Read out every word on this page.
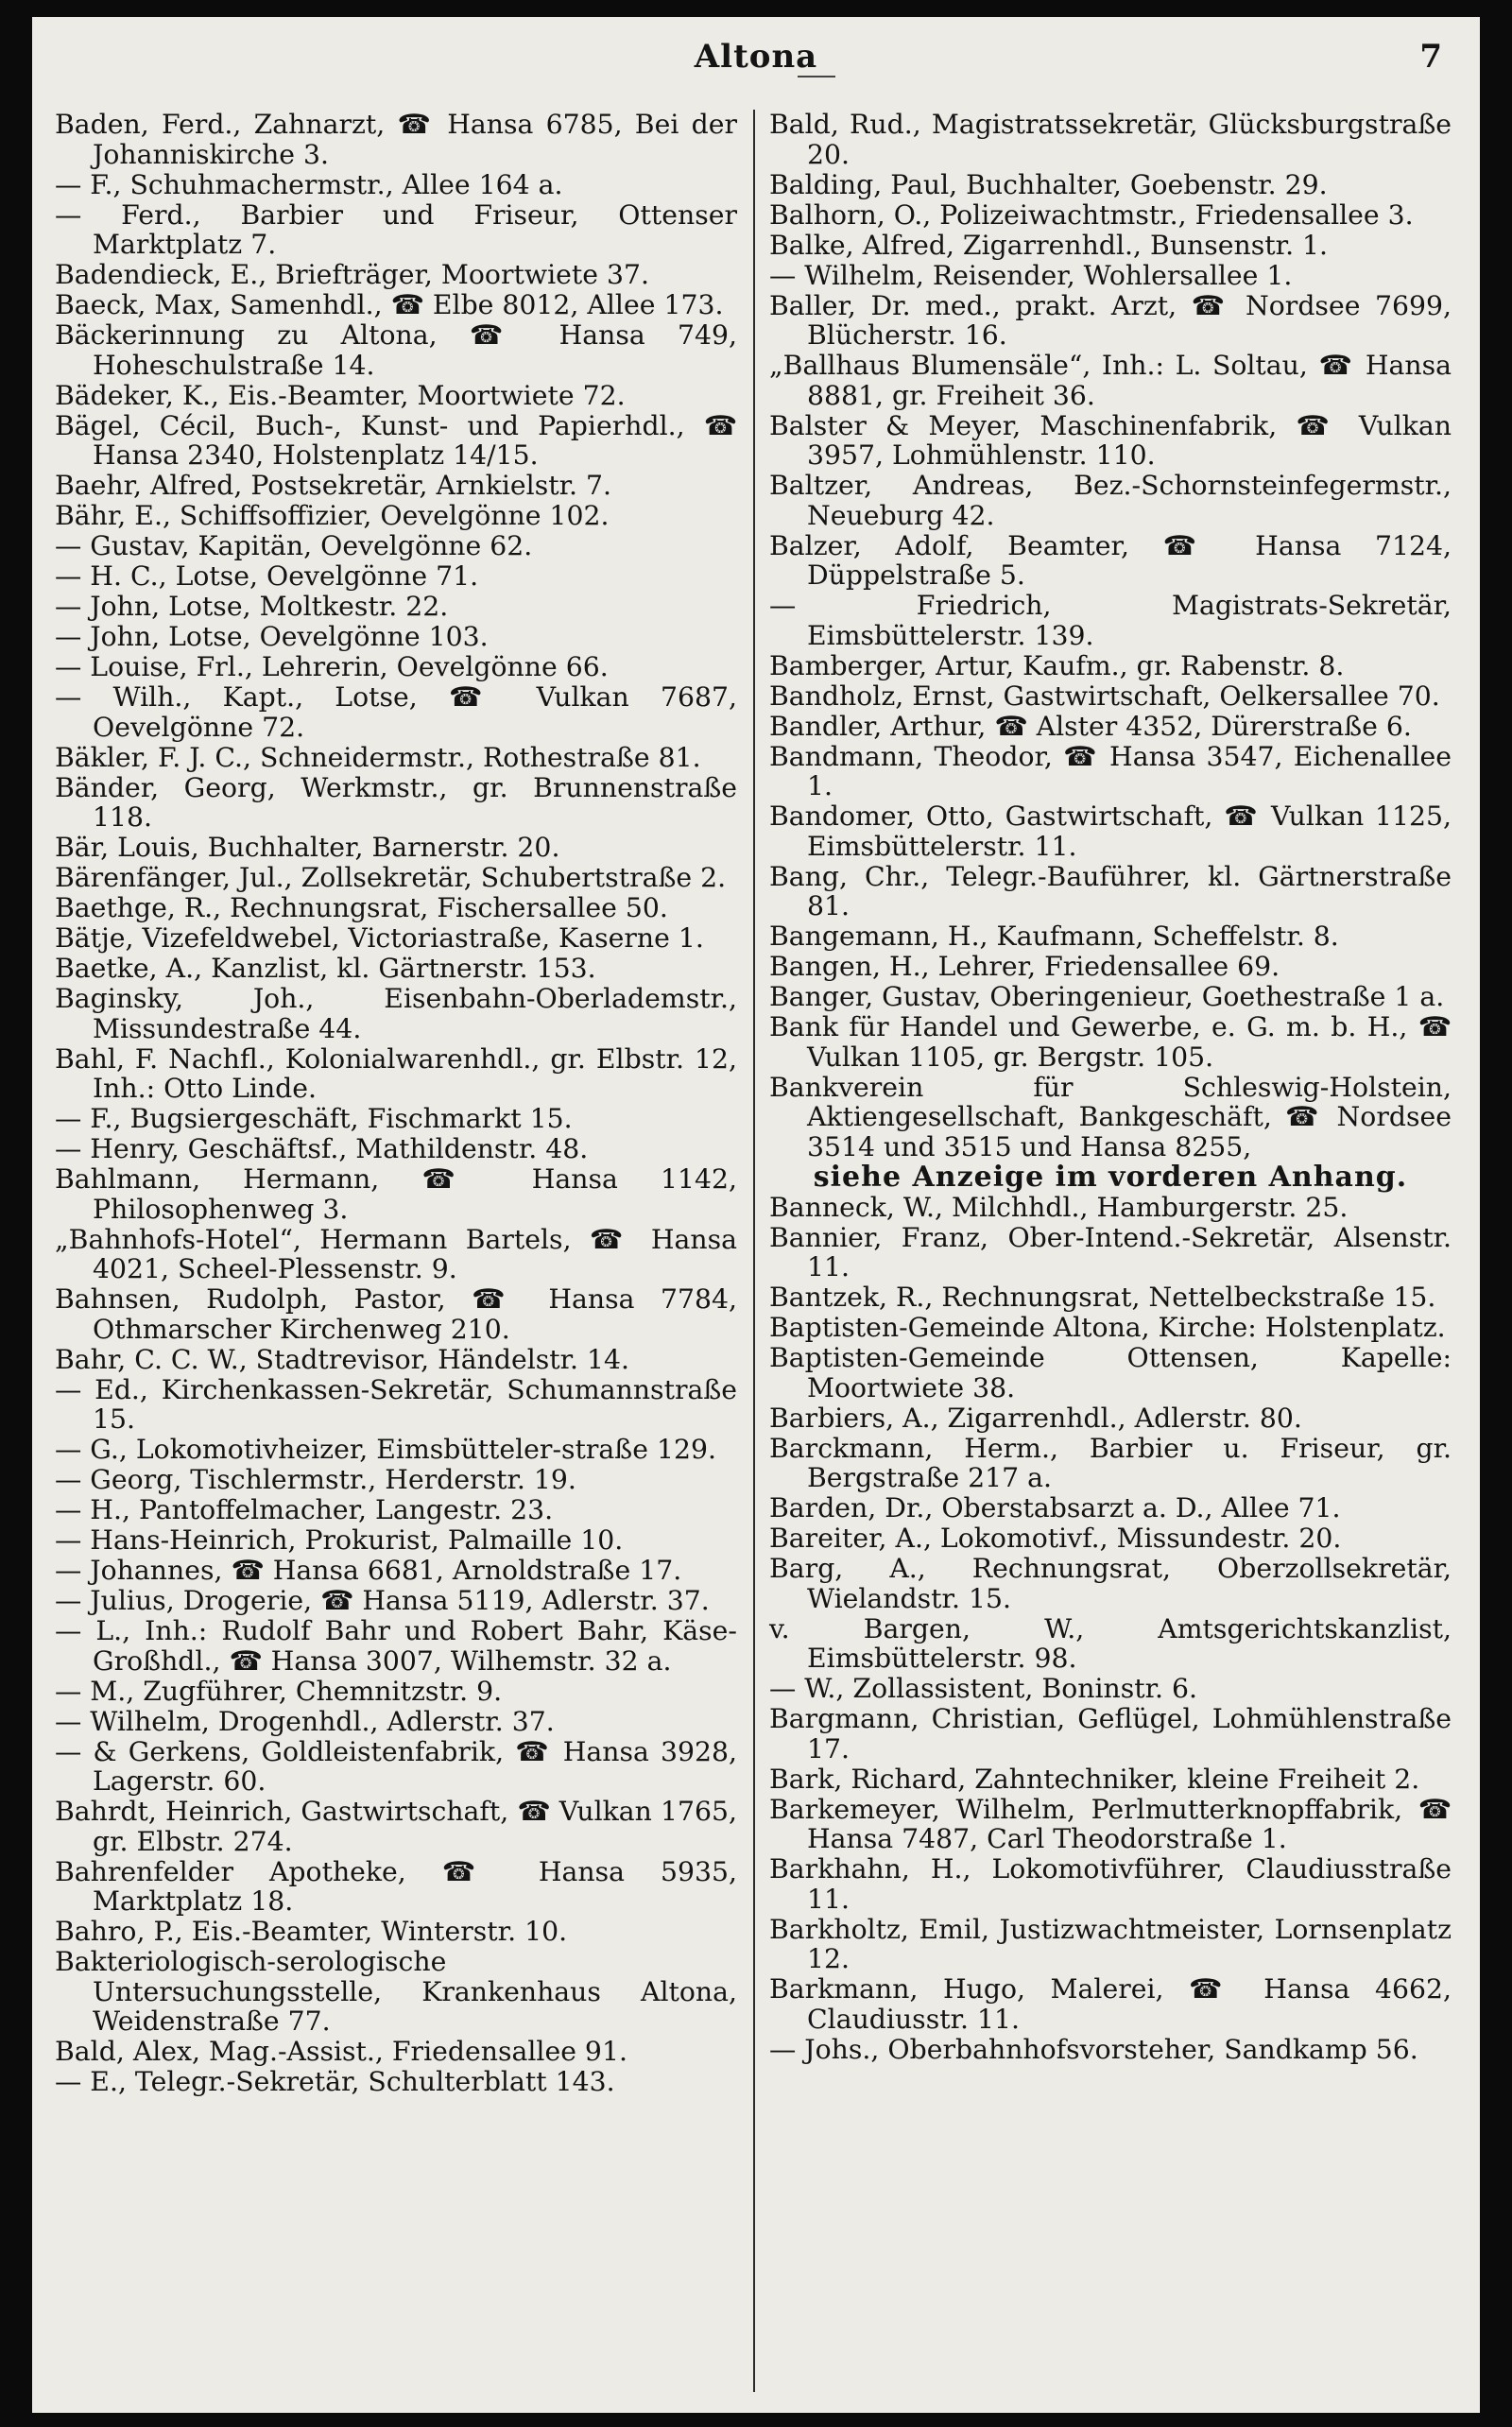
Altona	7

Baden, Ferd., Zahnarzt, ☎ Hansa 6785, Bei der Johanniskirche 3.

— F., Schuhmachermstr., Allee 164 a.

— Ferd., Barbier und Friseur, Ottenser Marktplatz 7.

Badendieck, E., Briefträger, Moortwiete 37.

Baeck, Max, Samenhdl., ☎ Elbe 8012, Allee 173.

Bäckerinnung zu Altona, ☎ Hansa 749, Hoheschulstraße 14.

Bädeker, K., Eis.-Beamter, Moortwiete 72.

Bägel, Cécil, Buch-, Kunst- und Papierhdl., ☎ Hansa 2340, Holstenplatz 14/15.

Baehr, Alfred, Postsekretär, Arnkielstr. 7.

Bähr, E., Schiffsoffizier, Oevelgönne 102.

— Gustav, Kapitän, Oevelgönne 62.

— H. C., Lotse, Oevelgönne 71.

— John, Lotse, Moltkestr. 22.

— John, Lotse, Oevelgönne 103.

— Louise, Frl., Lehrerin, Oevelgönne 66.

— Wilh., Kapt., Lotse, ☎ Vulkan 7687, Oevelgönne 72.

Bäkler, F. J. C., Schneidermstr., Rothestraße 81.

Bänder, Georg, Werkmstr., gr. Brunnenstraße 118.

Bär, Louis, Buchhalter, Barnerstr. 20.

Bärenfänger, Jul., Zollsekretär, Schubertstraße 2.

Baethge, R., Rechnungsrat, Fischersallee 50.

Bätje, Vizefeldwebel, Victoriastraße, Kaserne 1.

Baetke, A., Kanzlist, kl. Gärtnerstr. 153.

Baginsky, Joh., Eisenbahn-Oberlademstr., Missundestraße 44.

Bahl, F. Nachfl., Kolonialwarenhdl., gr. Elbstr. 12, Inh.: Otto Linde.

— F., Bugsiergeschäft, Fischmarkt 15.

— Henry, Geschäftsf., Mathildenstr. 48.

Bahlmann, Hermann, ☎ Hansa 1142, Philosophenweg 3.

„Bahnhofs-Hotel“, Hermann Bartels, ☎ Hansa 4021, Scheel-Plessenstr. 9.

Bahnsen, Rudolph, Pastor, ☎ Hansa 7784, Othmarscher Kirchenweg 210.

Bahr, C. C. W., Stadtrevisor, Händelstr. 14.

— Ed., Kirchenkassen-Sekretär, Schumannstraße 15.

— G., Lokomotivheizer, Eimsbütteler-straße 129.

— Georg, Tischlermstr., Herderstr. 19.

— H., Pantoffelmacher, Langestr. 23.

— Hans-Heinrich, Prokurist, Palmaille 10.

— Johannes, ☎ Hansa 6681, Arnoldstraße 17.

— Julius, Drogerie, ☎ Hansa 5119, Adlerstr. 37.

— L., Inh.: Rudolf Bahr und Robert Bahr, Käse-Großhdl., ☎ Hansa 3007, Wilhemstr. 32 a.

— M., Zugführer, Chemnitzstr. 9.

— Wilhelm, Drogenhdl., Adlerstr. 37.

— & Gerkens, Goldleistenfabrik, ☎ Hansa 3928, Lagerstr. 60.

Bahrdt, Heinrich, Gastwirtschaft, ☎ Vulkan 1765, gr. Elbstr. 274.

Bahrenfelder Apotheke, ☎ Hansa 5935, Marktplatz 18.

Bahro, P., Eis.-Beamter, Winterstr. 10.

Bakteriologisch-serologische Untersuchungsstelle, Krankenhaus Altona, Weidenstraße 77.

Bald, Alex, Mag.-Assist., Friedensallee 91.

— E., Telegr.-Sekretär, Schulterblatt 143.

Bald, Rud., Magistratssekretär, Glücksburgstraße 20.

Balding, Paul, Buchhalter, Goebenstr. 29.

Balhorn, O., Polizeiwachtmstr., Friedensallee 3.

Balke, Alfred, Zigarrenhdl., Bunsenstr. 1.

— Wilhelm, Reisender, Wohlersallee 1.

Baller, Dr. med., prakt. Arzt, ☎ Nordsee 7699, Blücherstr. 16.

„Ballhaus Blumensäle“, Inh.: L. Soltau, ☎ Hansa 8881, gr. Freiheit 36.

Balster & Meyer, Maschinenfabrik, ☎ Vulkan 3957, Lohmühlenstr. 110.

Baltzer, Andreas, Bez.-Schornsteinfegermstr., Neueburg 42.

Balzer, Adolf, Beamter, ☎ Hansa 7124, Düppelstraße 5.

— Friedrich, Magistrats-Sekretär, Eimsbüttelerstr. 139.

Bamberger, Artur, Kaufm., gr. Rabenstr. 8.

Bandholz, Ernst, Gastwirtschaft, Oelkersallee 70.

Bandler, Arthur, ☎ Alster 4352, Dürerstraße 6.

Bandmann, Theodor, ☎ Hansa 3547, Eichenallee 1.

Bandomer, Otto, Gastwirtschaft, ☎ Vulkan 1125, Eimsbüttelerstr. 11.

Bang, Chr., Telegr.-Bauführer, kl. Gärtnerstraße 81.

Bangemann, H., Kaufmann, Scheffelstr. 8.

Bangen, H., Lehrer, Friedensallee 69.

Banger, Gustav, Oberingenieur, Goethestraße 1 a.

Bank für Handel und Gewerbe, e. G. m. b. H., ☎ Vulkan 1105, gr. Bergstr. 105.

Bankverein für Schleswig-Holstein, Aktiengesellschaft, Bankgeschäft, ☎ Nordsee 3514 und 3515 und Hansa 8255,

siehe Anzeige im vorderen Anhang.

Banneck, W., Milchhdl., Hamburgerstr. 25.

Bannier, Franz, Ober-Intend.-Sekretär, Alsenstr. 11.

Bantzek, R., Rechnungsrat, Nettelbeckstraße 15.

Baptisten-Gemeinde Altona, Kirche: Holstenplatz.

Baptisten-Gemeinde Ottensen, Kapelle: Moortwiete 38.

Barbiers, A., Zigarrenhdl., Adlerstr. 80.

Barckmann, Herm., Barbier u. Friseur, gr. Bergstraße 217 a.

Barden, Dr., Oberstabsarzt a. D., Allee 71.

Bareiter, A., Lokomotivf., Missundestr. 20.

Barg, A., Rechnungsrat, Oberzollsekretär, Wielandstr. 15.

v. Bargen, W., Amtsgerichtskanzlist, Eimsbüttelerstr. 98.

— W., Zollassistent, Boninstr. 6.

Bargmann, Christian, Geflügel, Lohmühlenstraße 17.

Bark, Richard, Zahntechniker, kleine Freiheit 2.

Barkemeyer, Wilhelm, Perlmutterknopffabrik, ☎ Hansa 7487, Carl Theodorstraße 1.

Barkhahn, H., Lokomotivführer, Claudiusstraße 11.

Barkholtz, Emil, Justizwachtmeister, Lornsenplatz 12.

Barkmann, Hugo, Malerei, ☎ Hansa 4662, Claudiusstr. 11.

— Johs., Oberbahnhofsvorsteher, Sandkamp 56.
